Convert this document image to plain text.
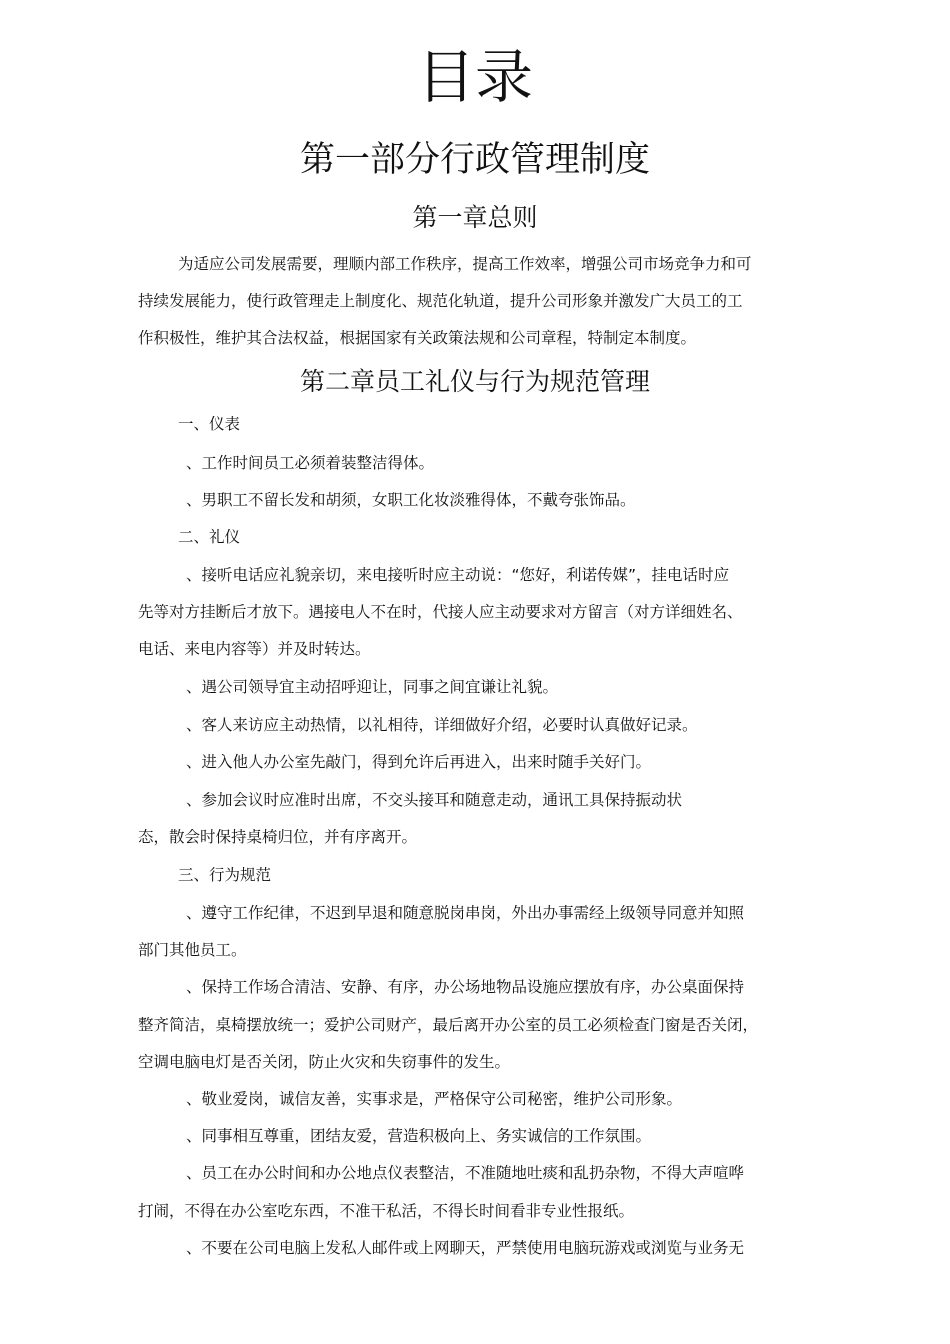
目录
第一部分行政管理制度
第一章总则

为适应公司发展需要，理顺内部工作秩序，提高工作效率，增强公司市场竞争力和可

持续发展能力，使行政管理走上制度化、规范化轨道，提升公司形象并激发广大员工的工

作积极性，维护其合法权益，根据国家有关政策法规和公司章程，特制定本制度。

第二章员工礼仪与行为规范管理

一、仪表

、工作时间员工必须着装整洁得体。

、男职工不留长发和胡须，女职工化妆淡雅得体，不戴夸张饰品。

二、礼仪

、接听电话应礼貌亲切，来电接听时应主动说：“您好，利诺传媒”，挂电话时应

先等对方挂断后才放下。遇接电人不在时，代接人应主动要求对方留言（对方详细姓名、

电话、来电内容等）并及时转达。

、遇公司领导宜主动招呼迎让，同事之间宜谦让礼貌。

、客人来访应主动热情，以礼相待，详细做好介绍，必要时认真做好记录。

、进入他人办公室先敲门，得到允许后再进入，出来时随手关好门。

、参加会议时应准时出席，不交头接耳和随意走动，通讯工具保持振动状

态，散会时保持桌椅归位，并有序离开。

三、行为规范

、遵守工作纪律，不迟到早退和随意脱岗串岗，外出办事需经上级领导同意并知照

部门其他员工。

、保持工作场合清洁、安静、有序，办公场地物品设施应摆放有序，办公桌面保持

整齐简洁，桌椅摆放统一；爱护公司财产，最后离开办公室的员工必须检查门窗是否关闭，

空调电脑电灯是否关闭，防止火灾和失窃事件的发生。

、敬业爱岗，诚信友善，实事求是，严格保守公司秘密，维护公司形象。

、同事相互尊重，团结友爱，营造积极向上、务实诚信的工作氛围。

、员工在办公时间和办公地点仪表整洁，不准随地吐痰和乱扔杂物，不得大声喧哗

打闹，不得在办公室吃东西，不准干私活，不得长时间看非专业性报纸。

、不要在公司电脑上发私人邮件或上网聊天，严禁使用电脑玩游戏或浏览与业务无
